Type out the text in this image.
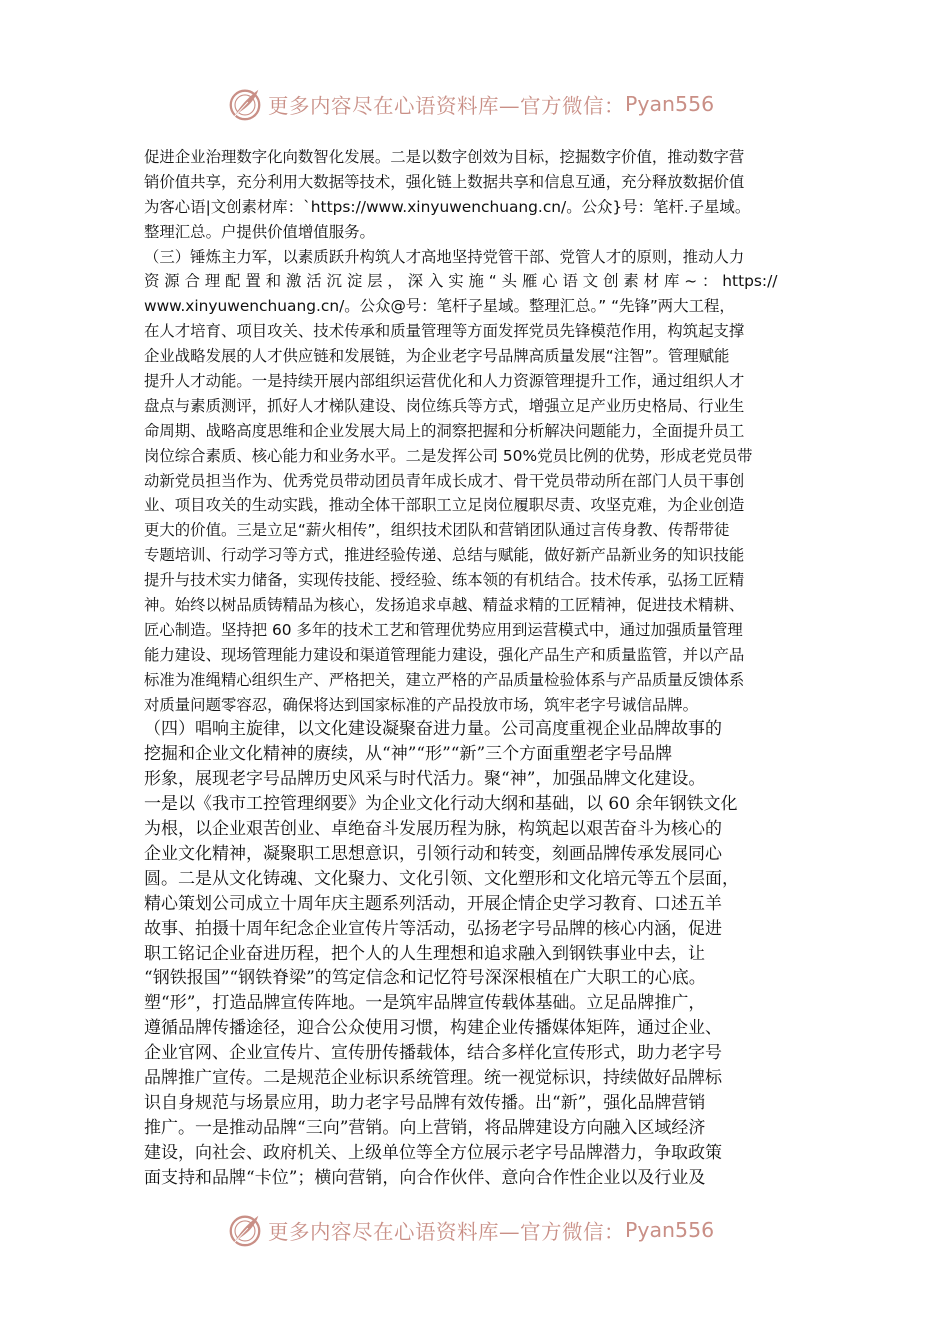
更多内容尽在心语资料库—官方微信： Pyan556
促进企业治理数字化向数智化发展。二是以数字创效为目标，挖掘数字价值，推动数字营
销价值共享，充分利用大数据等技术，强化链上数据共享和信息互通，充分释放数据价值
为客心语|文创素材库：`https://www.xinyuwenchuang.cn/。公众}号：笔杆.子星域。
整理汇总。户提供价值增值服务。
（三）锤炼主力军，以素质跃升构筑人才高地坚持党管干部、党管人才的原则，推动人力
资 源 合 理 配 置 和 激 活 沉 淀 层 ， 深 入 实 施 “ 头 雁 心 语 文 创 素 材 库 ~ ： https://
www.xinyuwenchuang.cn/。公众@号：笔杆子星域。整理汇总。” “先锋”两大工程，
在人才培育、项目攻关、技术传承和质量管理等方面发挥党员先锋模范作用，构筑起支撑
企业战略发展的人才供应链和发展链，为企业老字号品牌高质量发展“注智”。管理赋能
提升人才动能。一是持续开展内部组织运营优化和人力资源管理提升工作，通过组织人才
盘点与素质测评，抓好人才梯队建设、岗位练兵等方式，增强立足产业历史格局、行业生
命周期、战略高度思维和企业发展大局上的洞察把握和分析解决问题能力，全面提升员工
岗位综合素质、核心能力和业务水平。二是发挥公司 50%党员比例的优势，形成老党员带
动新党员担当作为、优秀党员带动团员青年成长成才、骨干党员带动所在部门人员干事创
业、项目攻关的生动实践，推动全体干部职工立足岗位履职尽责、攻坚克难，为企业创造
更大的价值。三是立足“薪火相传”，组织技术团队和营销团队通过言传身教、传帮带徒
专题培训、行动学习等方式，推进经验传递、总结与赋能，做好新产品新业务的知识技能
提升与技术实力储备，实现传技能、授经验、练本领的有机结合。技术传承，弘扬工匠精
神。始终以树品质铸精品为核心，发扬追求卓越、精益求精的工匠精神，促进技术精耕、
匠心制造。坚持把 60 多年的技术工艺和管理优势应用到运营模式中，通过加强质量管理
能力建设、现场管理能力建设和渠道管理能力建设，强化产品生产和质量监管，并以产品
标准为准绳精心组织生产、严格把关，建立严格的产品质量检验体系与产品质量反馈体系
对质量问题零容忍，确保将达到国家标准的产品投放市场，筑牢老字号诚信品牌。
（四）唱响主旋律，以文化建设凝聚奋进力量。公司高度重视企业品牌故事的
挖掘和企业文化精神的赓续，从“神”“形”“新”三个方面重塑老字号品牌
形象，展现老字号品牌历史风采与时代活力。聚“神”，加强品牌文化建设。
一是以《我市工控管理纲要》为企业文化行动大纲和基础，以 60 余年钢铁文化
为根，以企业艰苦创业、卓绝奋斗发展历程为脉，构筑起以艰苦奋斗为核心的
企业文化精神，凝聚职工思想意识，引领行动和转变，刻画品牌传承发展同心
圆。二是从文化铸魂、文化聚力、文化引领、文化塑形和文化培元等五个层面，
精心策划公司成立十周年庆主题系列活动，开展企情企史学习教育、口述五羊
故事、拍摄十周年纪念企业宣传片等活动，弘扬老字号品牌的核心内涵，促进
职工铭记企业奋进历程，把个人的人生理想和追求融入到钢铁事业中去，让
“钢铁报国”“钢铁脊梁”的笃定信念和记忆符号深深根植在广大职工的心底。
塑“形”，打造品牌宣传阵地。一是筑牢品牌宣传载体基础。立足品牌推广，
遵循品牌传播途径，迎合公众使用习惯，构建企业传播媒体矩阵，通过企业、
企业官网、企业宣传片、宣传册传播载体，结合多样化宣传形式，助力老字号
品牌推广宣传。二是规范企业标识系统管理。统一视觉标识，持续做好品牌标
识自身规范与场景应用，助力老字号品牌有效传播。出“新”，强化品牌营销
推广。一是推动品牌“三向”营销。向上营销，将品牌建设方向融入区域经济
建设，向社会、政府机关、上级单位等全方位展示老字号品牌潜力，争取政策
面支持和品牌“卡位”；横向营销，向合作伙伴、意向合作性企业以及行业及
更多内容尽在心语资料库—官方微信： Pyan556
